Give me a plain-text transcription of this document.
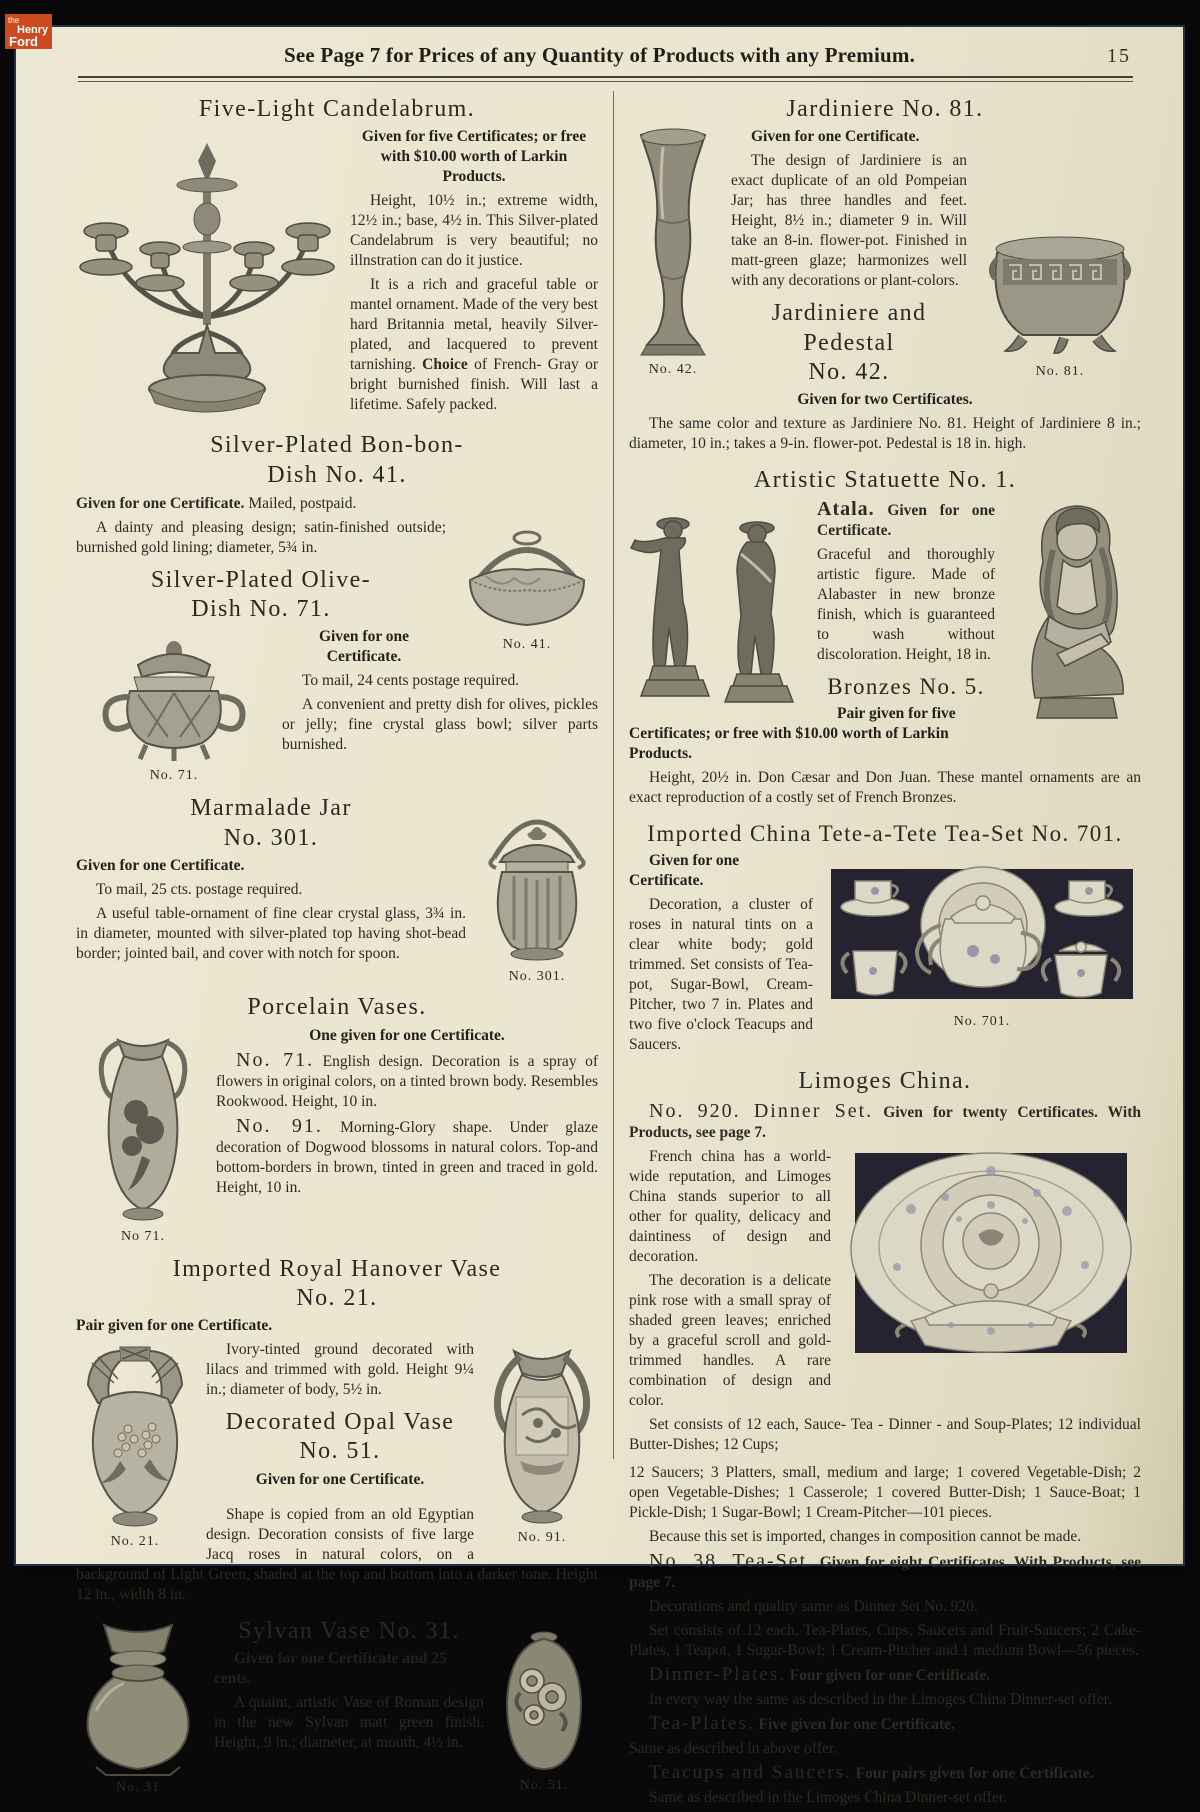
See Page 7 for Prices of any Quantity of Products with any Premium.	15
Five-Light Candelabrum.

Given for five Certificates; or free with $10.00 worth of Larkin Products.

Height, 10½ in.; extreme width, 12½ in.; base, 4½ in. This Silver-plated Candelabrum is very beautiful; no illnstration can do it justice.

It is a rich and graceful table or mantel ornament. Made of the very best hard Britannia metal, heavily Silver-plated, and lacquered to prevent tarnishing. Choice of French- Gray or bright burnished finish. Will last a lifetime. Safely packed.

Silver-Plated Bon-bon-
Dish No. 41.

Given for one Certificate. Mailed, postpaid.

No. 41.

A dainty and pleasing design; satin-finished outside; burnished gold lining; diameter, 5¾ in.

Silver-Plated Olive-
Dish No. 71.
No. 71.

Given for one Certificate.

To mail, 24 cents postage required.

A convenient and pretty dish for olives, pickles or jelly; fine crystal glass bowl; silver parts burnished.

No. 301.
Marmalade Jar
No. 301.

Given for one Certificate.

To mail, 25 cts. postage required.

A useful table-ornament of fine clear crystal glass, 3¾ in. in diameter, mounted with silver-plated top having shot-bead border; jointed bail, and cover with notch for spoon.

Porcelain Vases.
No 71.

One given for one Certificate.

No. 71. English design. Decoration is a spray of flowers in original colors, on a tinted brown body. Resembles Rookwood. Height, 10 in.

No. 91. Morning-Glory shape. Under glaze decoration of Dogwood blossoms in natural colors. Top-and bottom-borders in brown, tinted in green and traced in gold. Height, 10 in.

Imported Royal Hanover Vase
No. 21.

Pair given for one Certificate.

No. 21.	No. 91.

Ivory-tinted ground decorated with lilacs and trimmed with gold. Height 9¼ in.; diameter of body, 5½ in.

Decorated Opal Vase
No. 51.

Given for one Certificate.

Shape is copied from an old Egyptian design. Decoration consists of five large Jacq roses in natural colors, on a background of Light Green, shaded at the top and bottom into a darker tone. Height 12 in., width 8 in.

No. 31	No. 51.
Sylvan Vase No. 31.

Given for one Certificate and 25 cents.

A quaint, artistic Vase of Roman design in the new Sylvan matt green finish. Height, 9 in.; diameter, at mouth, 4½ in.

Jardiniere No. 81.
No. 42.	No. 81.

Given for one Certificate.

The design of Jardiniere is an exact duplicate of an old Pompeian Jar; has three handles and feet. Height, 8½ in.; diameter 9 in. Will take an 8-in. flower-pot. Finished in matt-green glaze; harmonizes well with any decorations or plant-colors.

Jardiniere and Pedestal
No. 42.

Given for two Certificates.

The same color and texture as Jardiniere No. 81. Height of Jardiniere 8 in.; diameter, 10 in.; takes a 9-in. flower-pot. Pedestal is 18 in. high.

Artistic Statuette No. 1.

Atala. Given for one Certificate.

Graceful and thoroughly artistic figure. Made of Alabaster in new bronze finish, which is guaranteed to wash without discoloration. Height, 18 in.

Bronzes No. 5.

Pair given for five Certificates; or free with $10.00 worth of Larkin Products.

Height, 20½ in. Don Cæsar and Don Juan. These mantel ornaments are an exact reproduction of a costly set of French Bronzes.

Imported China Tete-a-Tete Tea-Set No. 701.
No. 701.

Given for one Certificate.

Decoration, a cluster of roses in natural tints on a clear white body; gold trimmed. Set consists of Tea-pot, Sugar-Bowl, Cream-Pitcher, two 7 in. Plates and two five o'clock Teacups and Saucers.

Limoges China.

No. 920. Dinner Set. Given for twenty Certificates. With Products, see page 7.

French china has a world-wide reputation, and Limoges China stands superior to all other for quality, delicacy and daintiness of design and decoration.

The decoration is a delicate pink rose with a small spray of shaded green leaves; enriched by a graceful scroll and gold-trimmed handles. A rare combination of design and color.

Set consists of 12 each, Sauce- Tea - Dinner - and Soup-Plates; 12 individual Butter-Dishes; 12 Cups;

12 Saucers; 3 Platters, small, medium and large; 1 covered Vegetable-Dish; 2 open Vegetable-Dishes; 1 Casserole; 1 covered Butter-Dish; 1 Sauce-Boat; 1 Pickle-Dish; 1 Sugar-Bowl; 1 Cream-Pitcher—101 pieces.

Because this set is imported, changes in composition cannot be made.

No. 38. Tea-Set. Given for eight Certificates. With Products, see page 7.

Decorations and quality same as Dinner Set No. 920.

Set consists of 12 each, Tea-Plates, Cups, Saucers and Fruit-Saucers; 2 Cake-Plates, 1 Teapot, 1 Sugar-Bowl; 1 Cream-Pitcher and 1 medium Bowl—56 pieces.

Dinner-Plates. Four given for one Certificate.

In every way the same as described in the Limoges China Dinner-set offer.

Tea-Plates. Five given for one Certificate.

Same as described in above offer.

Teacups and Saucers. Four pairs given for one Certificate.

Same as described in the Limoges China Dinner-set offer.

the
Henry
Ford
